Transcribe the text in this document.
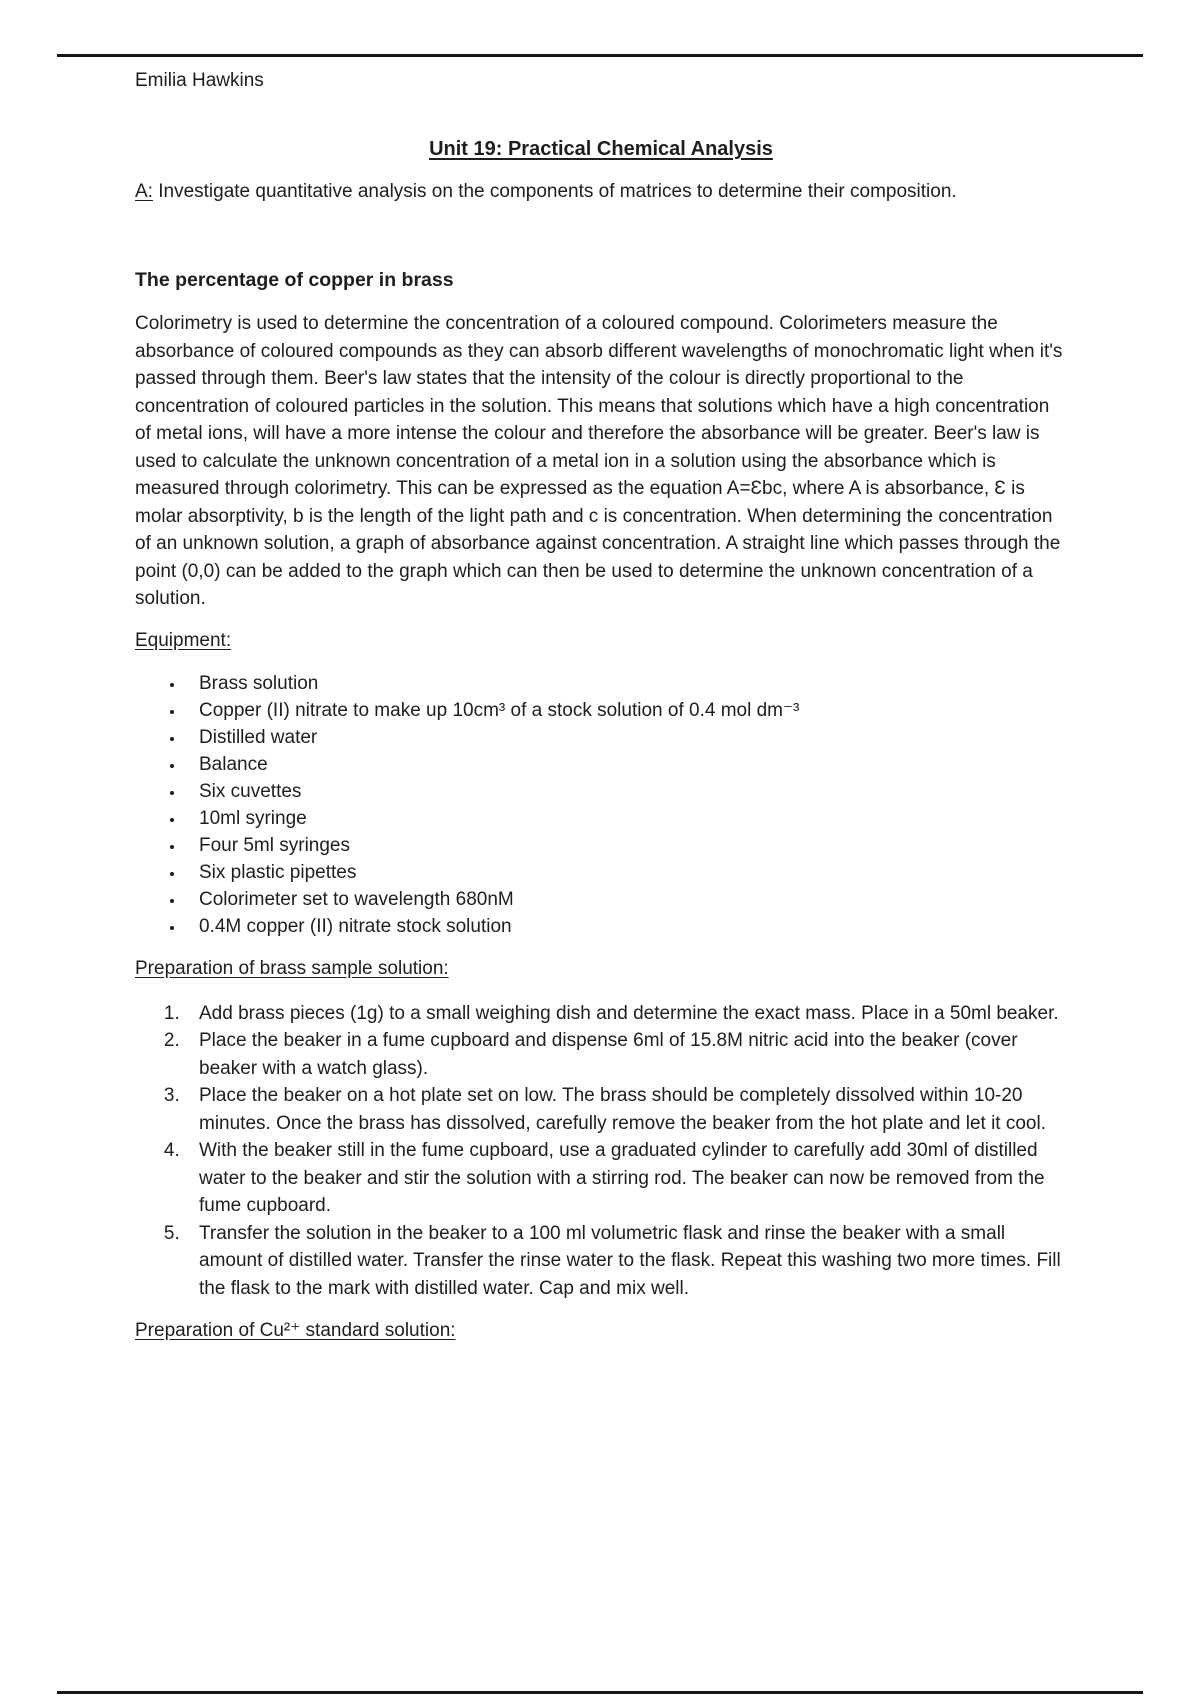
Emilia Hawkins
Unit 19: Practical Chemical Analysis

A: Investigate quantitative analysis on the components of matrices to determine their composition.

The percentage of copper in brass

Colorimetry is used to determine the concentration of a coloured compound. Colorimeters measure the absorbance of coloured compounds as they can absorb different wavelengths of monochromatic light when it's passed through them. Beer's law states that the intensity of the colour is directly proportional to the concentration of coloured particles in the solution. This means that solutions which have a high concentration of metal ions, will have a more intense the colour and therefore the absorbance will be greater. Beer's law is used to calculate the unknown concentration of a metal ion in a solution using the absorbance which is measured through colorimetry. This can be expressed as the equation A=Ɛbc, where A is absorbance, Ɛ is molar absorptivity, b is the length of the light path and c is concentration. When determining the concentration of an unknown solution, a graph of absorbance against concentration. A straight line which passes through the point (0,0) can be added to the graph which can then be used to determine the unknown concentration of a solution.

Equipment:
• Brass solution
• Copper (II) nitrate to make up 10cm³ of a stock solution of 0.4 mol dm⁻³
• Distilled water
• Balance
• Six cuvettes
• 10ml syringe
• Four 5ml syringes
• Six plastic pipettes
• Colorimeter set to wavelength 680nM
• 0.4M copper (II) nitrate stock solution
Preparation of brass sample solution:
1. Add brass pieces (1g) to a small weighing dish and determine the exact mass. Place in a 50ml beaker.
2. Place the beaker in a fume cupboard and dispense 6ml of 15.8M nitric acid into the beaker (cover beaker with a watch glass).
3. Place the beaker on a hot plate set on low. The brass should be completely dissolved within 10-20 minutes. Once the brass has dissolved, carefully remove the beaker from the hot plate and let it cool.
4. With the beaker still in the fume cupboard, use a graduated cylinder to carefully add 30ml of distilled water to the beaker and stir the solution with a stirring rod. The beaker can now be removed from the fume cupboard.
5. Transfer the solution in the beaker to a 100 ml volumetric flask and rinse the beaker with a small amount of distilled water. Transfer the rinse water to the flask. Repeat this washing two more times. Fill the flask to the mark with distilled water. Cap and mix well.
Preparation of Cu²⁺ standard solution:
